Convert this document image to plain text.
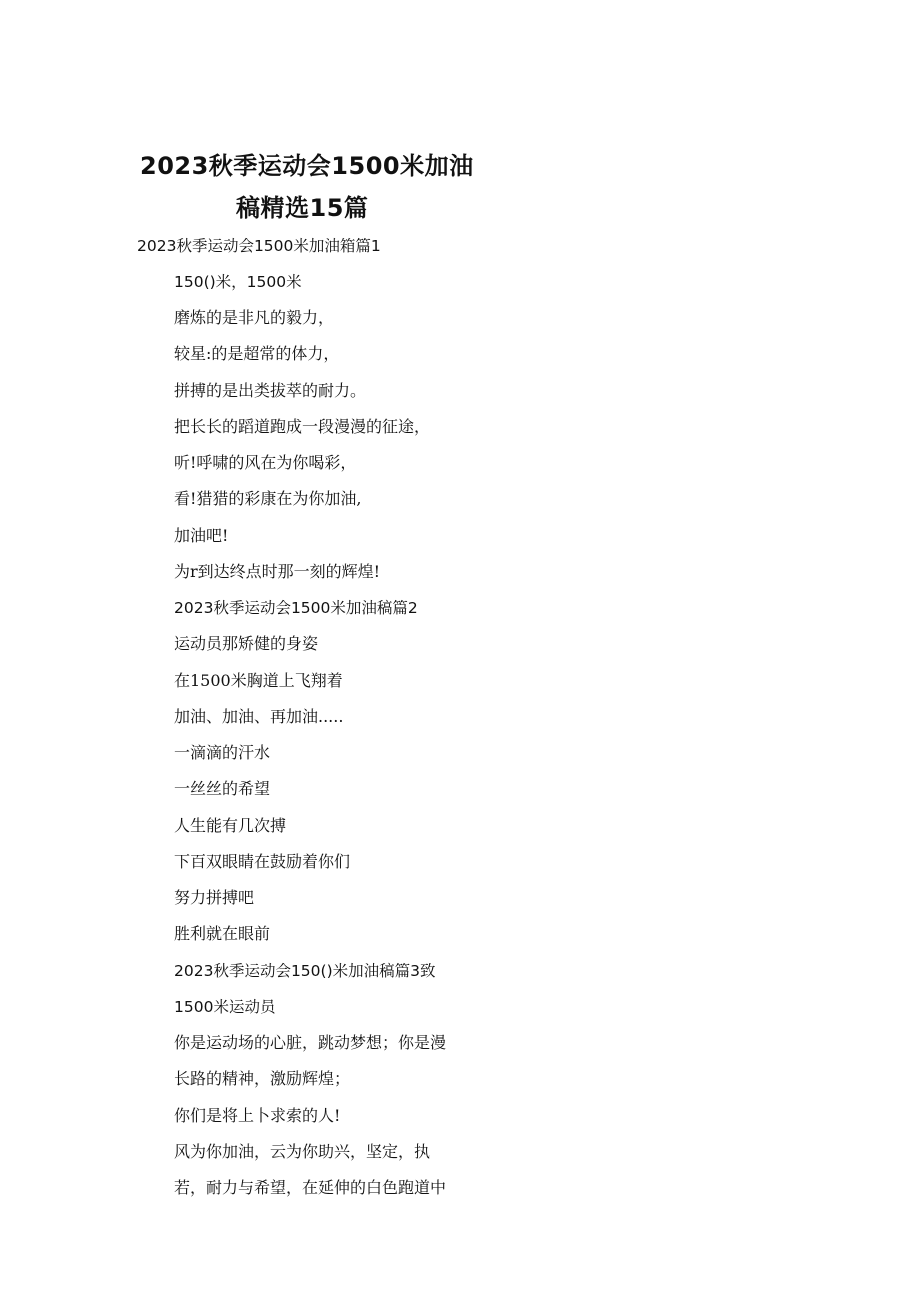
2023秋季运动会1500米加油
稿精选15篇
2023秋季运动会1500米加油箱篇1
150()米，1500米
磨炼的是非凡的毅力，
较星:的是超常的体力，
拼搏的是出类拔萃的耐力。
把长长的蹈道跑成一段漫漫的征途，
听!呼啸的风在为你喝彩，
看!猎猎的彩康在为你加油,
加油吧!
为r到达终点时那一刻的辉煌!
2023秋季运动会1500米加油稿篇2
运动员那矫健的身姿
在1500米胸道上飞翔着
加油、加油、再加油.....
一滴滴的汗水
一丝丝的希望
人生能有几次搏
下百双眼睛在鼓励着你们
努力拼搏吧
胜利就在眼前
2023秋季运动会150()米加油稿篇3致
1500米运动员
你是运动场的心脏，跳动梦想；你是漫
长路的精神，激励辉煌；
你们是将上卜求索的人!
风为你加油，云为你助兴，坚定，执
若，耐力与希望，在延伸的白色跑道中
